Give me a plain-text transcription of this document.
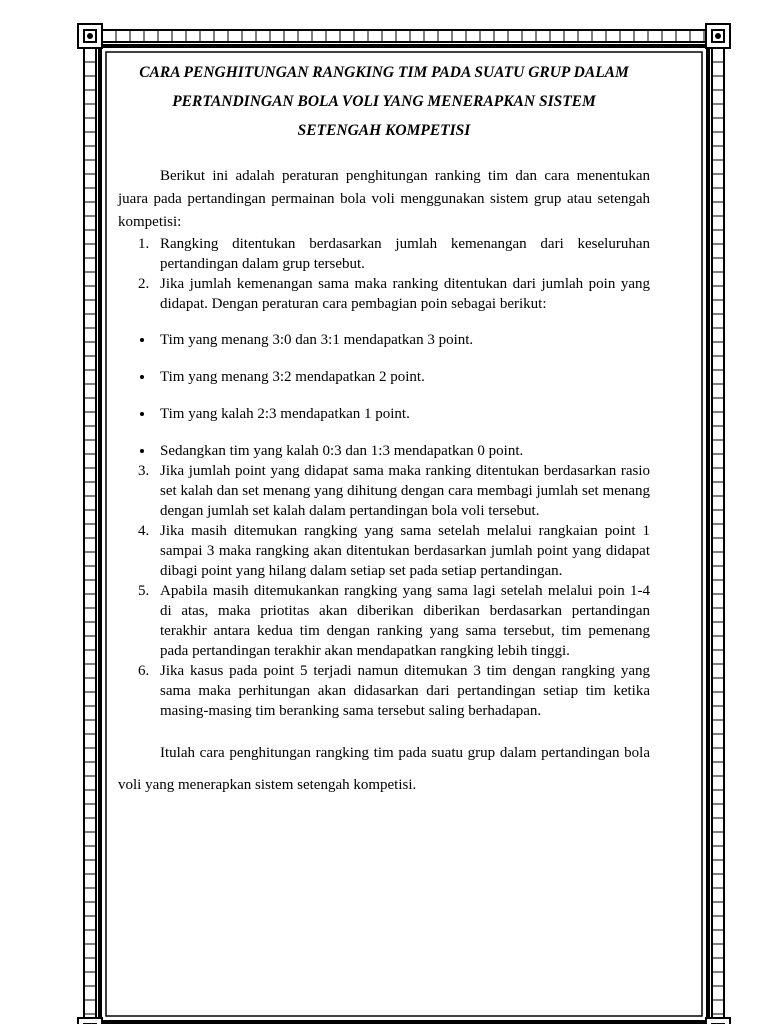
CARA PENGHITUNGAN RANGKING TIM PADA SUATU GRUP DALAM
PERTANDINGAN BOLA VOLI YANG MENERAPKAN SISTEM
SETENGAH KOMPETISI

Berikut ini adalah peraturan penghitungan ranking tim dan cara menentukan juara pada pertandingan permainan bola voli menggunakan sistem grup atau setengah kompetisi:

1. Rangking ditentukan berdasarkan jumlah kemenangan dari keseluruhan pertandingan dalam grup tersebut.
2. Jika jumlah kemenangan sama maka ranking ditentukan dari jumlah poin yang didapat. Dengan peraturan cara pembagian poin sebagai berikut:
Tim yang menang 3:0 dan 3:1 mendapatkan 3 point.
Tim yang menang 3:2 mendapatkan 2 point.
Tim yang kalah 2:3 mendapatkan 1 point.
Sedangkan tim yang kalah 0:3 dan 1:3 mendapatkan 0 point.
3. Jika jumlah point yang didapat sama maka ranking ditentukan berdasarkan rasio set kalah dan set menang yang dihitung dengan cara membagi jumlah set menang dengan jumlah set kalah dalam pertandingan bola voli tersebut.
4. Jika masih ditemukan rangking yang sama setelah melalui rangkaian point 1 sampai 3 maka rangking akan ditentukan berdasarkan jumlah point yang didapat dibagi point yang hilang dalam setiap set pada setiap pertandingan.
5. Apabila masih ditemukankan rangking yang sama lagi setelah melalui poin 1-4 di atas, maka priotitas akan diberikan diberikan berdasarkan pertandingan terakhir antara kedua tim dengan ranking yang sama tersebut, tim pemenang pada pertandingan terakhir akan mendapatkan rangking lebih tinggi.
6. Jika kasus pada point 5 terjadi namun ditemukan 3 tim dengan rangking yang sama maka perhitungan akan didasarkan dari pertandingan setiap tim ketika masing-masing tim beranking sama tersebut saling berhadapan.

Itulah cara penghitungan rangking tim pada suatu grup dalam pertandingan bola voli yang menerapkan sistem setengah kompetisi.
